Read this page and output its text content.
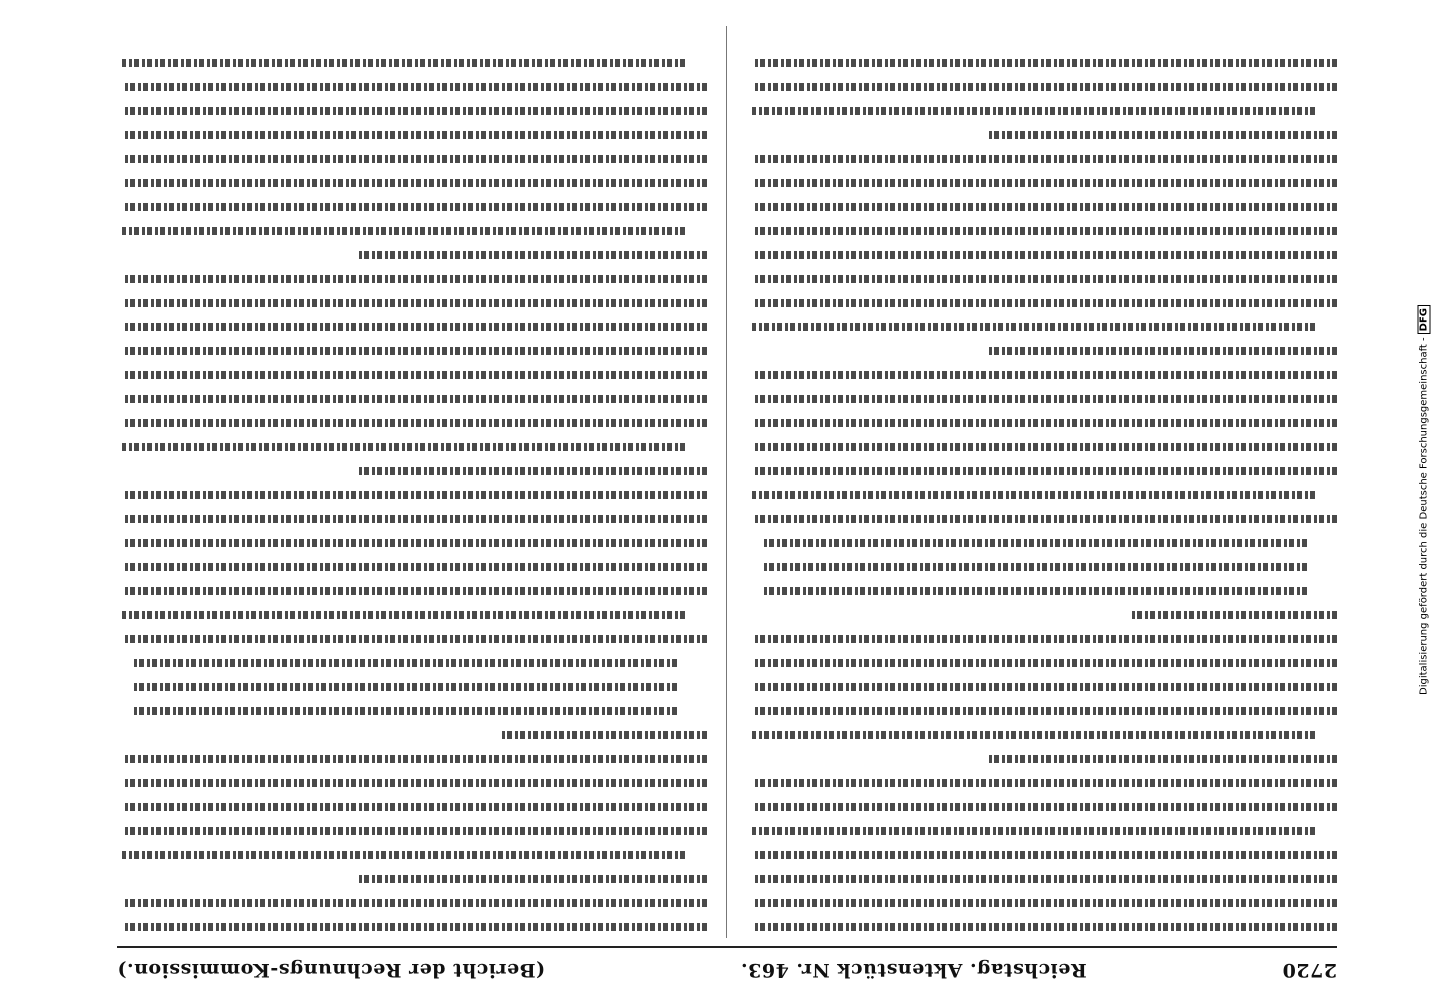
2720
Reichstag. Aktenstück Nr. 463.
(Bericht der Rechnungs-Kommission.)
Digitalisierung gefördert durch die Deutsche Forschungsgemeinschaft -DFG
